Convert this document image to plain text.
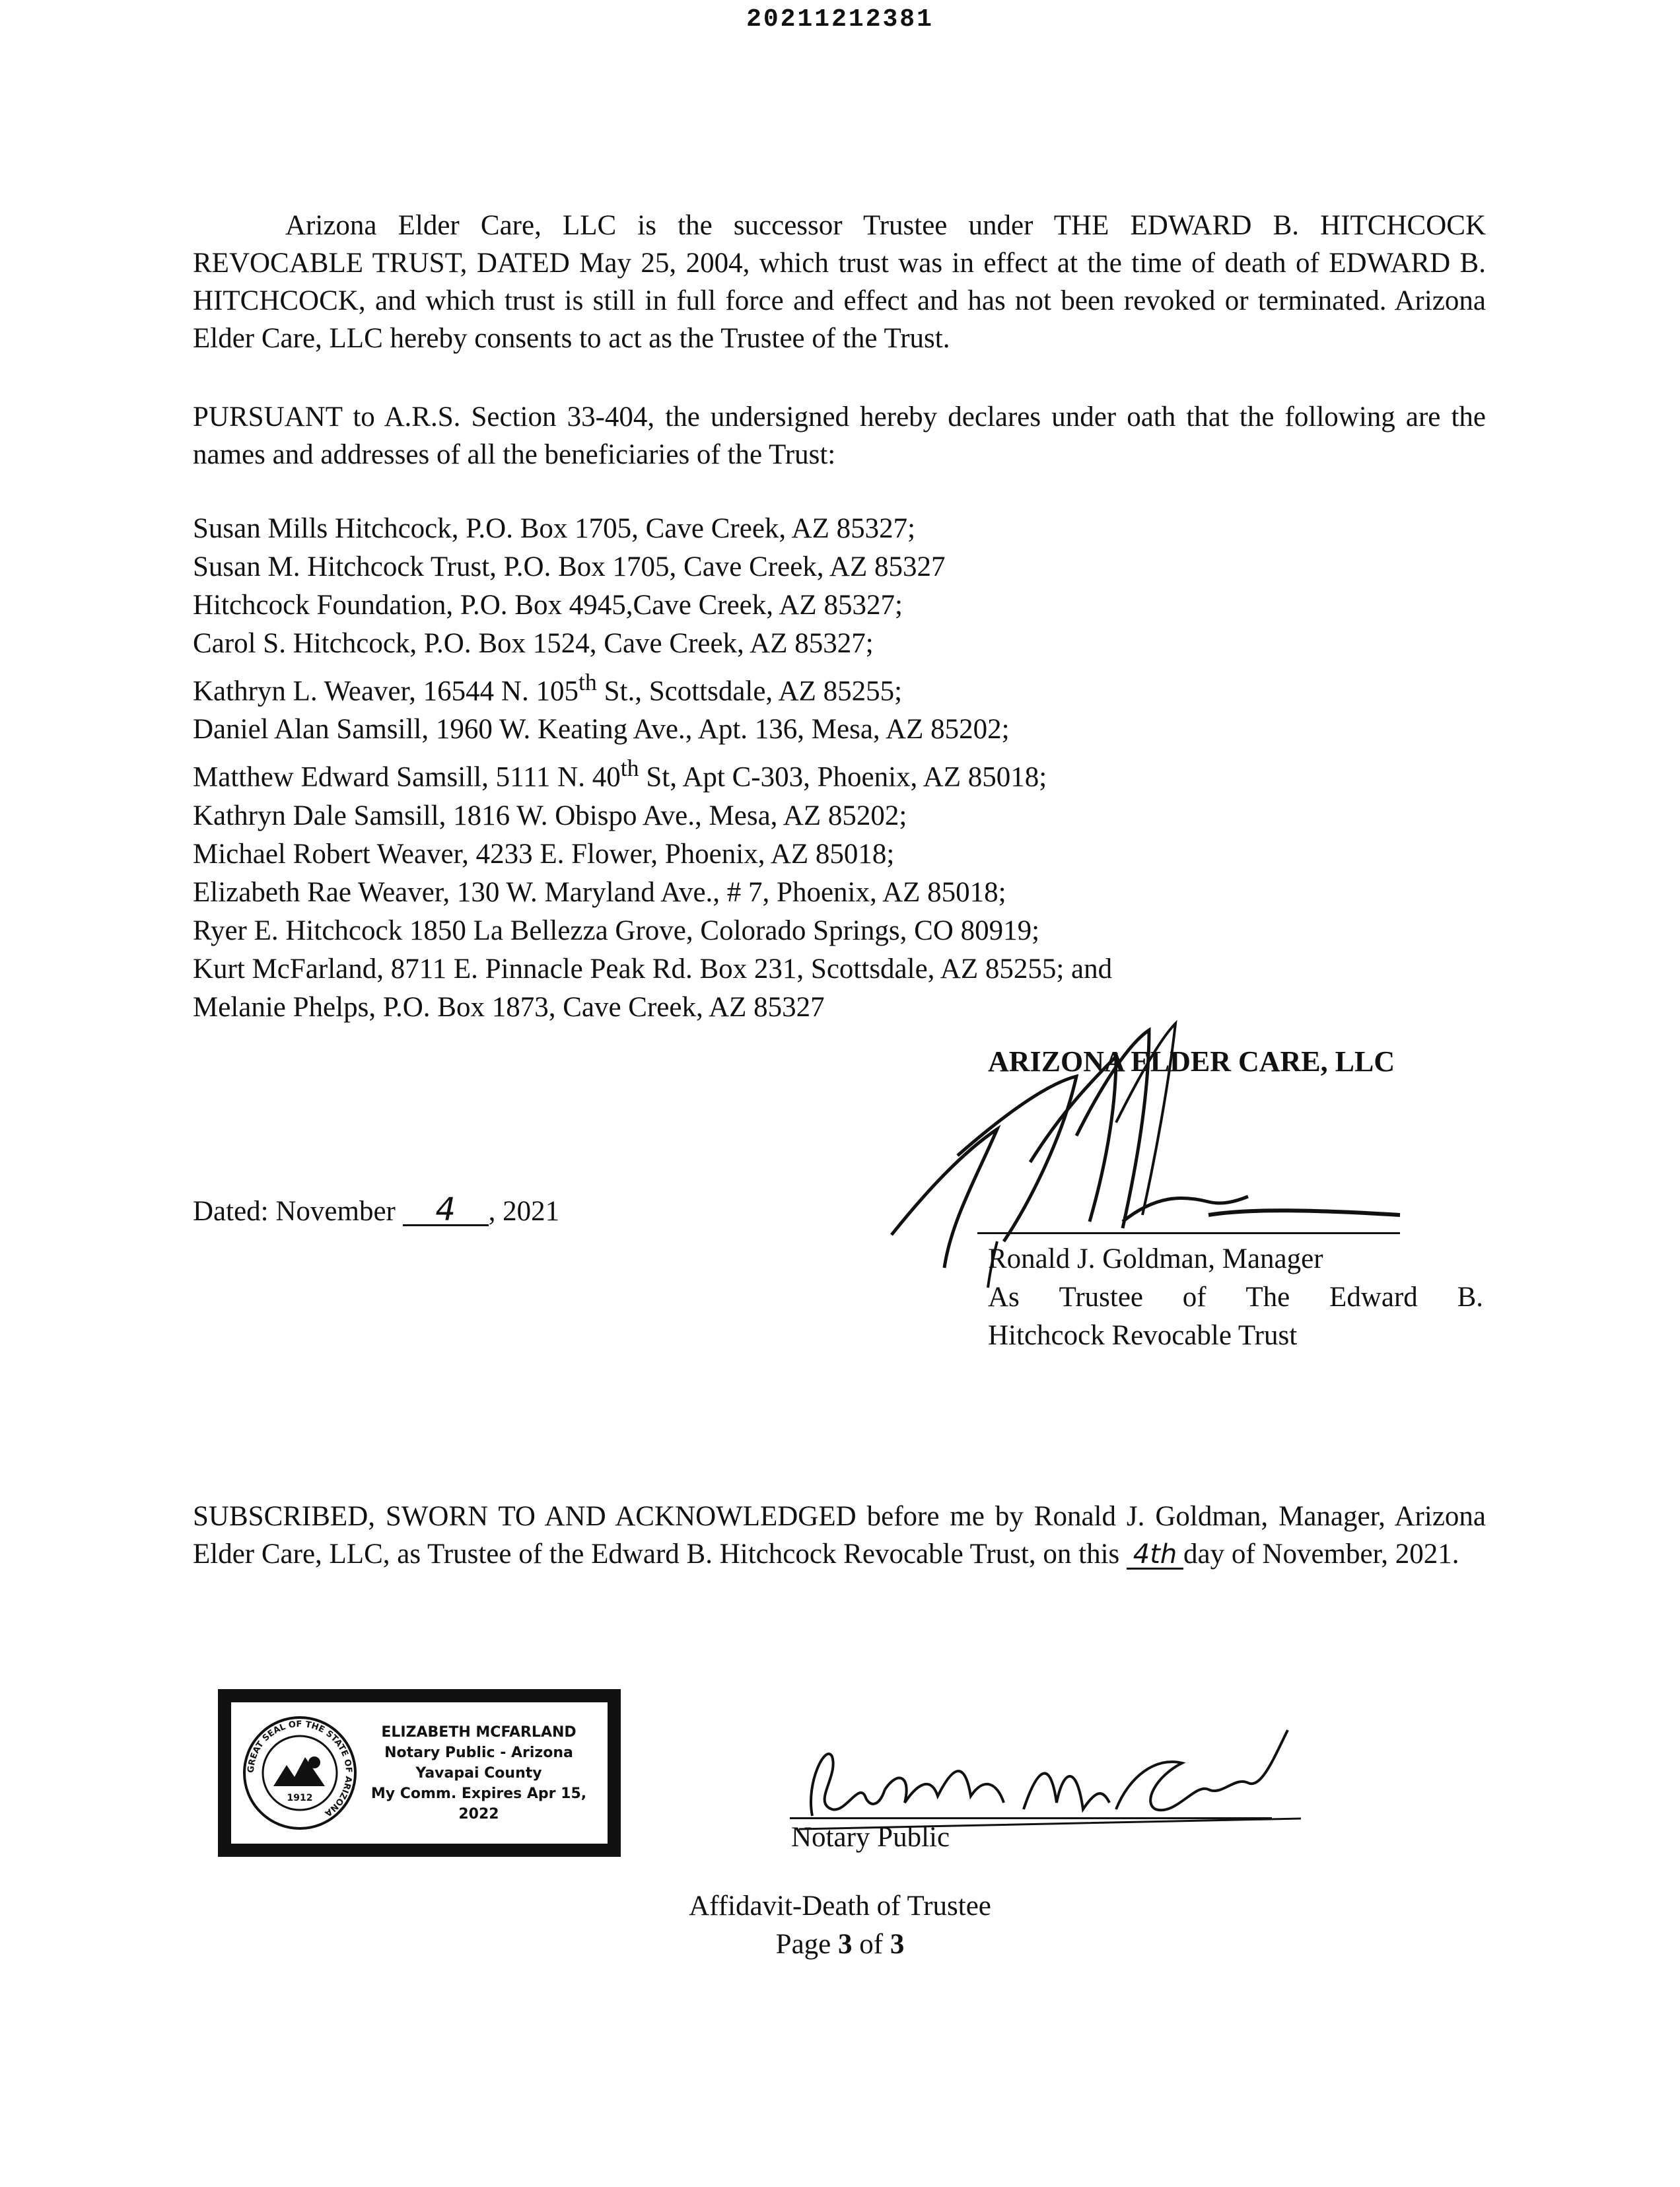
20211212381

Arizona Elder Care, LLC is the successor Trustee under THE EDWARD B. HITCHCOCK REVOCABLE TRUST, DATED May 25, 2004, which trust was in effect at the time of death of EDWARD B. HITCHCOCK, and which trust is still in full force and effect and has not been revoked or terminated. Arizona Elder Care, LLC hereby consents to act as the Trustee of the Trust.

PURSUANT to A.R.S. Section 33-404, the undersigned hereby declares under oath that the following are the names and addresses of all the beneficiaries of the Trust:

Susan Mills Hitchcock, P.O. Box 1705, Cave Creek, AZ 85327;
Susan M. Hitchcock Trust, P.O. Box 1705, Cave Creek, AZ 85327
Hitchcock Foundation, P.O. Box 4945,Cave Creek, AZ 85327;
Carol S. Hitchcock, P.O. Box 1524, Cave Creek, AZ 85327;
Kathryn L. Weaver, 16544 N. 105th St., Scottsdale, AZ 85255;
Daniel Alan Samsill, 1960 W. Keating Ave., Apt. 136, Mesa, AZ 85202;
Matthew Edward Samsill, 5111 N. 40th St, Apt C-303, Phoenix, AZ 85018;
Kathryn Dale Samsill, 1816 W. Obispo Ave., Mesa, AZ 85202;
Michael Robert Weaver, 4233 E. Flower, Phoenix, AZ 85018;
Elizabeth Rae Weaver, 130 W. Maryland Ave., # 7, Phoenix, AZ 85018;
Ryer E. Hitchcock 1850 La Bellezza Grove, Colorado Springs, CO 80919;
Kurt McFarland, 8711 E. Pinnacle Peak Rd. Box 231, Scottsdale, AZ 85255; and
Melanie Phelps, P.O. Box 1873, Cave Creek, AZ 85327
ARIZONA ELDER CARE, LLC
Dated: November 4 , 2021
Ronald J. Goldman, Manager
As Trustee of The Edward B.
Hitchcock Revocable Trust

SUBSCRIBED, SWORN TO AND ACKNOWLEDGED before me by Ronald J. Goldman, Manager, Arizona Elder Care, LLC, as Trustee of the Edward B. Hitchcock Revocable Trust, on this 4th day of November, 2021.

GREAT SEAL OF THE STATE OF ARIZONA
1912
ELIZABETH MCFARLAND
Notary Public - Arizona
Yavapai County
My Comm. Expires Apr 15, 2022
Notary Public
Affidavit-Death of Trustee
Page 3 of 3
